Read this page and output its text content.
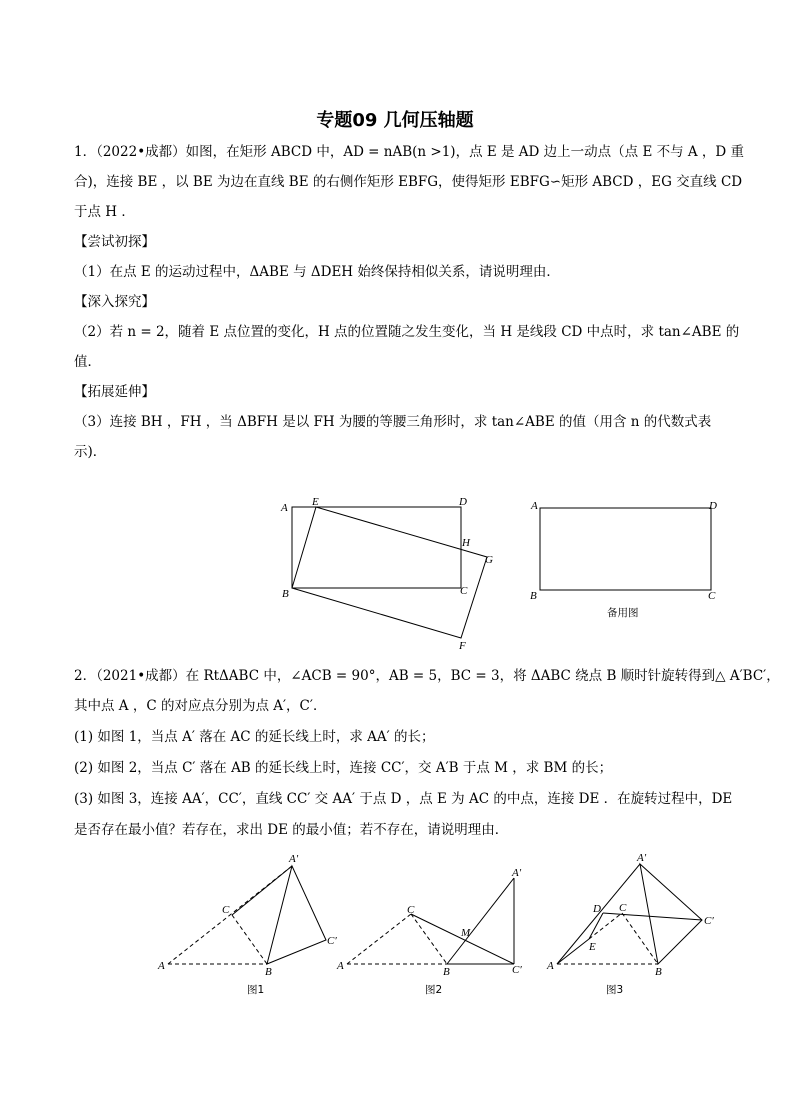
专题09 几何压轴题
1．（2022•成都）如图，在矩形 ABCD 中，AD = nAB(n >1)，点 E 是 AD 边上一动点（点 E 不与 A ，D 重
合)，连接 BE ，以 BE 为边在直线 BE 的右侧作矩形 EBFG，使得矩形 EBFG∽矩形 ABCD ，EG 交直线 CD
于点 H ．
【尝试初探】
（1）在点 E 的运动过程中，ΔABE 与 ΔDEH 始终保持相似关系，请说明理由．
【深入探究】
（2）若 n = 2，随着 E 点位置的变化，H 点的位置随之发生变化，当 H 是线段 CD 中点时，求 tan∠ABE 的
值．
【拓展延伸】
（3）连接 BH ，FH ，当 ΔBFH 是以 FH 为腰的等腰三角形时，求 tan∠ABE 的值（用含 n 的代数式表
示)．
A E	D
H
G
B	C
F
A	D
B	C
备用图
A
C
B
A′
C′
图1
A
C
B
M
A′
C′
图2
A
C
D
E
B
A′
C′
图3
2．（2021•成都）在 RtΔABC 中，∠ACB = 90°，AB = 5，BC = 3，将 ΔABC 绕点 B 顺时针旋转得到△ A′BC′，
其中点 A ，C 的对应点分别为点 A′，C′．
(1) 如图 1，当点 A′ 落在 AC 的延长线上时，求 AA′ 的长；
(2) 如图 2，当点 C′ 落在 AB 的延长线上时，连接 CC′，交 A′B 于点 M ，求 BM 的长；
(3) 如图 3，连接 AA′，CC′，直线 CC′ 交 AA′ 于点 D ，点 E 为 AC 的中点，连接 DE ．在旋转过程中，DE
是否存在最小值？若存在，求出 DE 的最小值；若不存在，请说明理由．
